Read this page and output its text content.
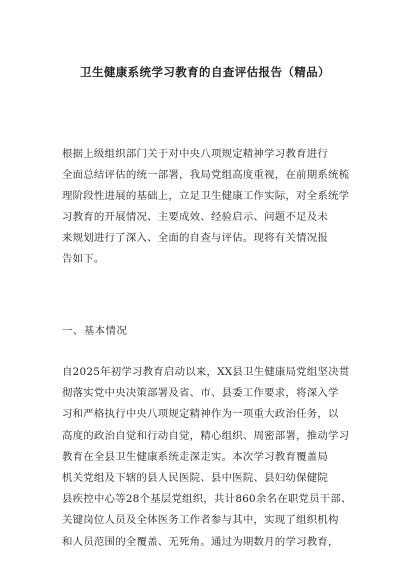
卫生健康系统学习教育的自查评估报告（精品）
根据上级组织部门关于对中央八项规定精神学习教育进行
全面总结评估的统一部署，我局党组高度重视，在前期系统梳
理阶段性进展的基础上，立足卫生健康工作实际，对全系统学
习教育的开展情况、主要成效、经验启示、问题不足及未
来规划进行了深入、全面的自查与评估。现将有关情况报
告如下。
一、基本情况
自2025年初学习教育启动以来，XX县卫生健康局党组坚决贯
彻落实党中央决策部署及省、市、县委工作要求，将深入学
习和严格执行中央八项规定精神作为一项重大政治任务，以
高度的政治自觉和行动自觉，精心组织、周密部署，推动学习
教育在全县卫生健康系统走深走实。本次学习教育覆盖局
机关党组及下辖的县人民医院、县中医院、县妇幼保健院
县疾控中心等28个基层党组织，共计860余名在职党员干部、
关键岗位人员及全体医务工作者参与其中，实现了组织机构
和人员范围的全覆盖、无死角。通过为期数月的学习教育，
